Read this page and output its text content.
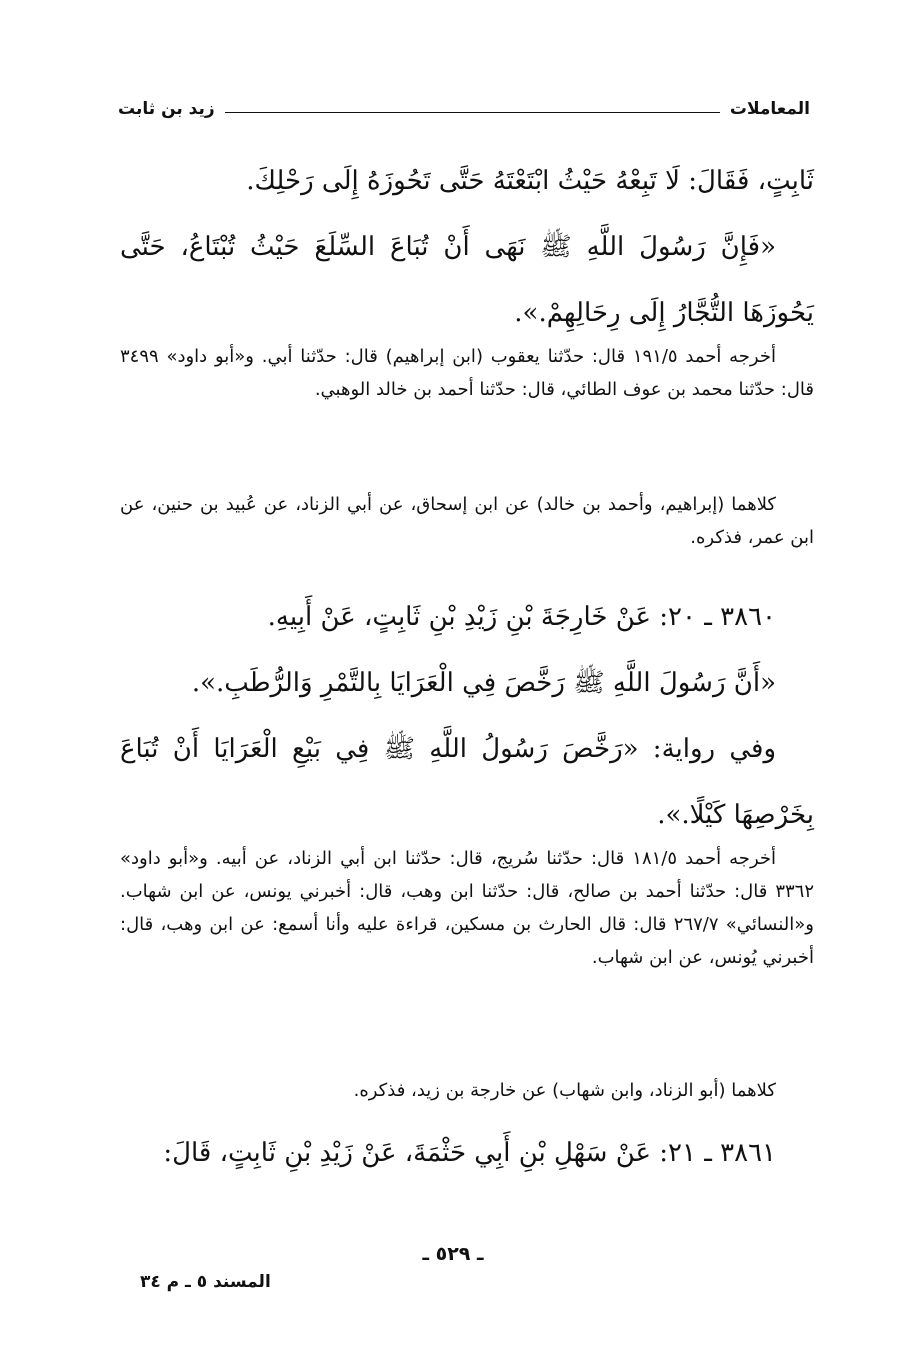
المعاملات
زيد بن ثابت

ثَابِتٍ، فَقَالَ: لَا تَبِعْهُ حَيْثُ ابْتَعْتَهُ حَتَّى تَحُوزَهُ إِلَى رَحْلِكَ.

«فَإِنَّ رَسُولَ اللَّهِ ﷺ نَهَى أَنْ تُبَاعَ السِّلَعَ حَيْثُ تُبْتَاعُ، حَتَّى يَحُوزَهَا التُّجَّارُ إِلَى رِحَالِهِمْ.».

أخرجه أحمد ١٩١/٥ قال: حدّثنا يعقوب (ابن إبراهيم) قال: حدّثنا أبي. و«أبو داود» ٣٤٩٩ قال: حدّثنا محمد بن عوف الطائي، قال: حدّثنا أحمد بن خالد الوهبي.

كلاهما (إبراهيم، وأحمد بن خالد) عن ابن إسحاق، عن أبي الزناد، عن عُبيد بن حنين، عن ابن عمر، فذكره.

٣٨٦٠ ـ ٢٠: عَنْ خَارِجَةَ بْنِ زَيْدِ بْنِ ثَابِتٍ، عَنْ أَبِيهِ.

«أَنَّ رَسُولَ اللَّهِ ﷺ رَخَّصَ فِي الْعَرَايَا بِالتَّمْرِ وَالرُّطَبِ.».

وفي رواية: «رَخَّصَ رَسُولُ اللَّهِ ﷺ فِي بَيْعِ الْعَرَايَا أَنْ تُبَاعَ بِخَرْصِهَا كَيْلًا.».

أخرجه أحمد ١٨١/٥ قال: حدّثنا سُريج، قال: حدّثنا ابن أبي الزناد، عن أبيه. و«أبو داود» ٣٣٦٢ قال: حدّثنا أحمد بن صالح، قال: حدّثنا ابن وهب، قال: أخبرني يونس، عن ابن شهاب. و«النسائي» ٢٦٧/٧ قال: قال الحارث بن مسكين، قراءة عليه وأنا أسمع: عن ابن وهب، قال: أخبرني يُونس، عن ابن شهاب.

كلاهما (أبو الزناد، وابن شهاب) عن خارجة بن زيد، فذكره.

٣٨٦١ ـ ٢١: عَنْ سَهْلِ بْنِ أَبِي حَثْمَةَ، عَنْ زَيْدِ بْنِ ثَابِتٍ، قَالَ:

ـ ٥٢٩ ـ
المسند ٥ ـ م ٣٤
